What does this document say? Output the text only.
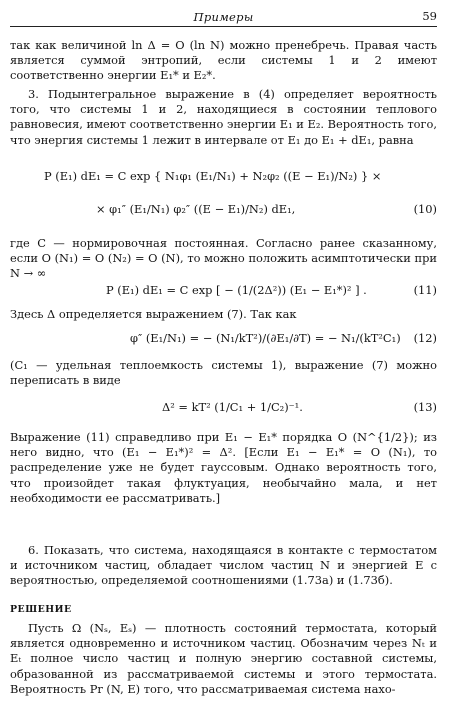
Примеры	59

так как величиной ln Δ = O (ln N) можно пренебречь. Правая часть является суммой энтропий, если системы 1 и 2 имеют соответственно энергии E₁* и E₂*.

3. Подынтегральное выражение в (4) определяет вероятность того, что системы 1 и 2, находящиеся в состоянии теплового равновесия, имеют соответственно энергии E₁ и E₂. Вероятность того, что энергия системы 1 лежит в интервале от E₁ до E₁ + dE₁, равна

P (E₁) dE₁ = C exp { N₁φ₁ (E₁/N₁) + N₂φ₂ ((E − E₁)/N₂) } ×
× φ₁″ (E₁/N₁) φ₂″ ((E − E₁)/N₂) dE₁,	(10)

где C — нормировочная постоянная. Согласно ранее сказанному, если O (N₁) = O (N₂) = O (N), то можно положить асимптотически при N → ∞

P (E₁) dE₁ = C exp [ − (1/(2Δ²)) (E₁ − E₁*)² ] .	(11)

Здесь Δ определяется выражением (7). Так как

φ″ (E₁/N₁) = − (N₁/kT²)/(∂E₁/∂T) = − N₁/(kT²C₁) (12)

(C₁ — удельная теплоемкость системы 1), выражение (7) можно переписать в виде

Δ² = kT² (1/C₁ + 1/C₂)⁻¹.	(13)

Выражение (11) справедливо при E₁ − E₁* порядка O (N^{1/2}); из него видно, что (E₁ − E₁*)² = Δ². [Если E₁ − E₁* = O (N₁), то распределение уже не будет гауссовым. Однако вероятность того, что произойдет такая флуктуация, необычайно мала, и нет необходимости ее рассматривать.]

6. Показать, что система, находящаяся в контакте с термостатом и источником частиц, обладает числом частиц N и энергией E с вероятностью, определяемой соотношениями (1.73а) и (1.73б).

РЕШЕНИЕ

Пусть Ω (Nₛ, Eₛ) — плотность состояний термостата, который является одновременно и источником частиц. Обозначим через Nₜ и Eₜ полное число частиц и полную энергию составной системы, образованной из рассматриваемой системы и этого термостата. Вероятность Pr (N, E) того, что рассматриваемая система нахо-
